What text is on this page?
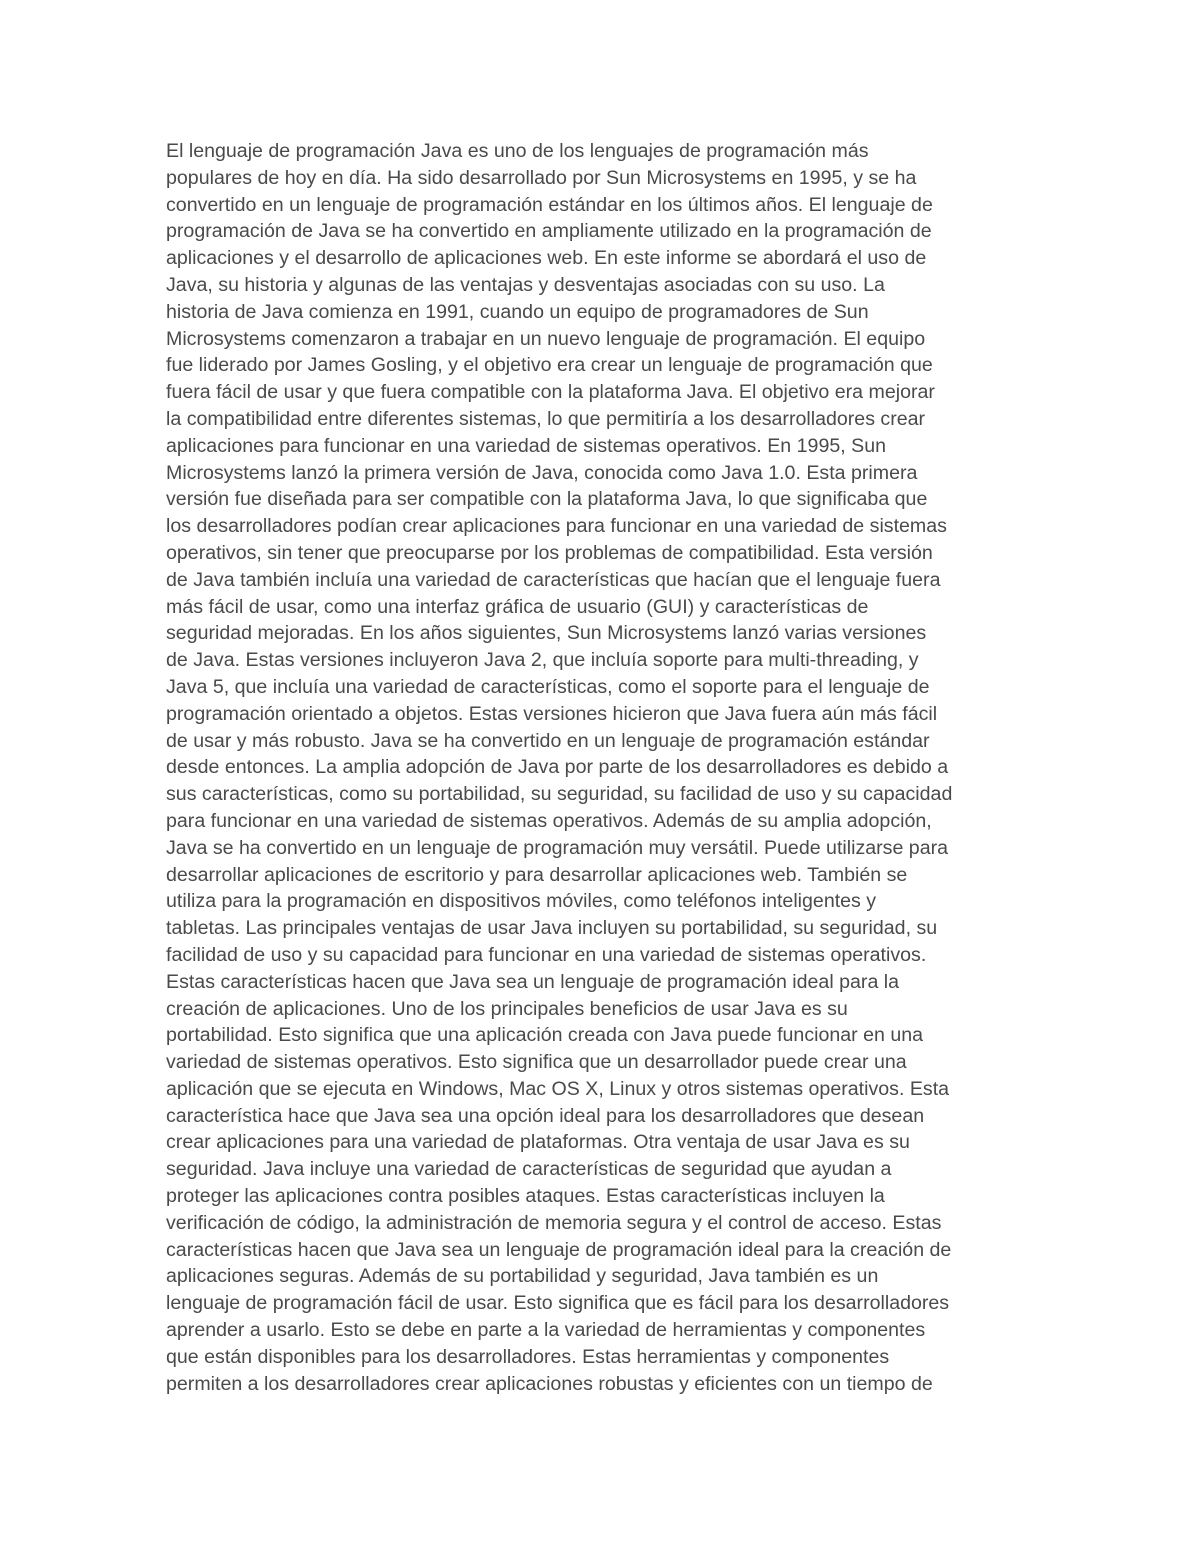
El lenguaje de programación Java es uno de los lenguajes de programación más
populares de hoy en día. Ha sido desarrollado por Sun Microsystems en 1995, y se ha
convertido en un lenguaje de programación estándar en los últimos años. El lenguaje de
programación de Java se ha convertido en ampliamente utilizado en la programación de
aplicaciones y el desarrollo de aplicaciones web. En este informe se abordará el uso de
Java, su historia y algunas de las ventajas y desventajas asociadas con su uso. La
historia de Java comienza en 1991, cuando un equipo de programadores de Sun
Microsystems comenzaron a trabajar en un nuevo lenguaje de programación. El equipo
fue liderado por James Gosling, y el objetivo era crear un lenguaje de programación que
fuera fácil de usar y que fuera compatible con la plataforma Java. El objetivo era mejorar
la compatibilidad entre diferentes sistemas, lo que permitiría a los desarrolladores crear
aplicaciones para funcionar en una variedad de sistemas operativos. En 1995, Sun
Microsystems lanzó la primera versión de Java, conocida como Java 1.0. Esta primera
versión fue diseñada para ser compatible con la plataforma Java, lo que significaba que
los desarrolladores podían crear aplicaciones para funcionar en una variedad de sistemas
operativos, sin tener que preocuparse por los problemas de compatibilidad. Esta versión
de Java también incluía una variedad de características que hacían que el lenguaje fuera
más fácil de usar, como una interfaz gráfica de usuario (GUI) y características de
seguridad mejoradas. En los años siguientes, Sun Microsystems lanzó varias versiones
de Java. Estas versiones incluyeron Java 2, que incluía soporte para multi-threading, y
Java 5, que incluía una variedad de características, como el soporte para el lenguaje de
programación orientado a objetos. Estas versiones hicieron que Java fuera aún más fácil
de usar y más robusto. Java se ha convertido en un lenguaje de programación estándar
desde entonces. La amplia adopción de Java por parte de los desarrolladores es debido a
sus características, como su portabilidad, su seguridad, su facilidad de uso y su capacidad
para funcionar en una variedad de sistemas operativos. Además de su amplia adopción,
Java se ha convertido en un lenguaje de programación muy versátil. Puede utilizarse para
desarrollar aplicaciones de escritorio y para desarrollar aplicaciones web. También se
utiliza para la programación en dispositivos móviles, como teléfonos inteligentes y
tabletas. Las principales ventajas de usar Java incluyen su portabilidad, su seguridad, su
facilidad de uso y su capacidad para funcionar en una variedad de sistemas operativos.
Estas características hacen que Java sea un lenguaje de programación ideal para la
creación de aplicaciones. Uno de los principales beneficios de usar Java es su
portabilidad. Esto significa que una aplicación creada con Java puede funcionar en una
variedad de sistemas operativos. Esto significa que un desarrollador puede crear una
aplicación que se ejecuta en Windows, Mac OS X, Linux y otros sistemas operativos. Esta
característica hace que Java sea una opción ideal para los desarrolladores que desean
crear aplicaciones para una variedad de plataformas. Otra ventaja de usar Java es su
seguridad. Java incluye una variedad de características de seguridad que ayudan a
proteger las aplicaciones contra posibles ataques. Estas características incluyen la
verificación de código, la administración de memoria segura y el control de acceso. Estas
características hacen que Java sea un lenguaje de programación ideal para la creación de
aplicaciones seguras. Además de su portabilidad y seguridad, Java también es un
lenguaje de programación fácil de usar. Esto significa que es fácil para los desarrolladores
aprender a usarlo. Esto se debe en parte a la variedad de herramientas y componentes
que están disponibles para los desarrolladores. Estas herramientas y componentes
permiten a los desarrolladores crear aplicaciones robustas y eficientes con un tiempo de
